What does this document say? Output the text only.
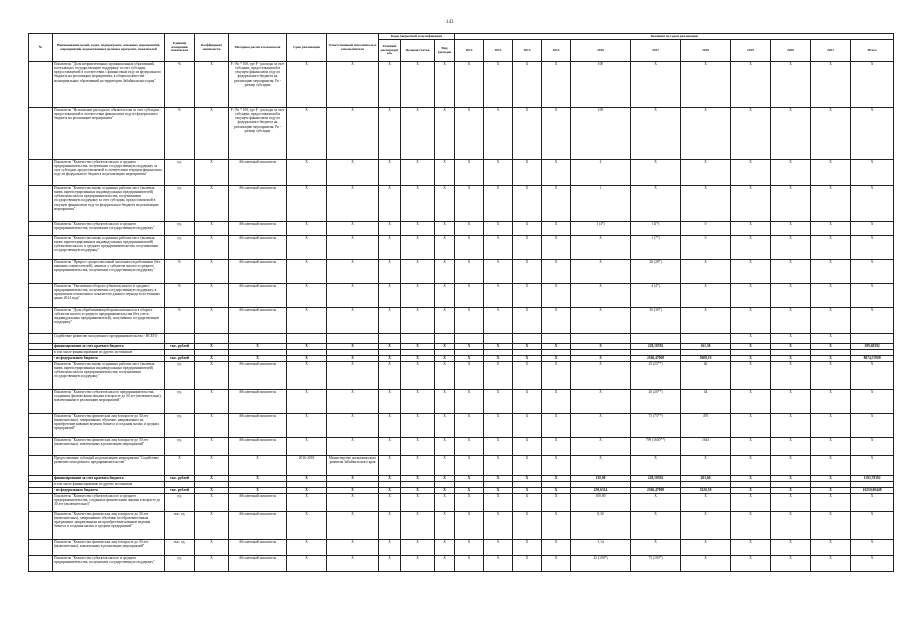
143
№	Наименование целей, задач, подпрограмм, основных мероприятий, мероприятий, ведомственных целевых программ, показателей	Единица измерения показателя	Коэффициент значимости	Методика расчета показателя	Срок реализации	Ответственный исполнитель и соисполнители	Коды бюджетной классификации			Значения по годам реализации										
							Главный распорядитель	Целевая статья	Вид расходов	2012	2013	2014	2015	2016	2017	2018	2019	2020	2021	Итого
	Показатель "Доля непривлеченных муниципальных образований, получающих государственную поддержку за счет субсидии, предоставляемой в соответствии с финансовым году из федерального бюджета на реализацию мероприятия, в общем количестве муниципальных образований на территории Забайкальского края"	%	Х	F / Fn * 100, где F - расходы за счет субсидии, предоставляемой в текущем финансовом году из федерального бюджета на реализацию мероприятия; Fn - размер субсидии	Х	Х	Х	Х	Х	Х	Х	Х	Х	100	Х	Х	Х	Х	Х	Х
	Показатель "Исполнение расходного обязательства за счет субсидии, предоставляемой в соответствии финансовом году из федерального бюджета на реализацию мероприятия"	%	Х	F / Fn * 100, где F - расходы за счет субсидии, предоставляемой в текущем финансовом году из федерального бюджета на реализацию мероприятия; Fn - размер субсидии	Х	Х	Х	Х	Х	Х	Х	Х	Х	100	Х	Х	Х	Х	Х	Х
	Показатель "Количество субъектов малого и среднего предпринимательства, получивших государственную поддержку за счет субсидии, предоставляемой в соответствии текущем финансовом году из федерального бюджета на реализацию мероприятия"	ед.	Х	Абсолютный показатель	Х	Х	Х	Х	Х	Х	Х	Х	Х	4	Х	Х	Х	Х	Х	Х
	Показатель "Количество вновь созданных рабочих мест (включая вновь зарегистрированных индивидуальных предпринимателей) субъектами малого предпринимательства, получившими государственную поддержку за счет субсидии, предоставляемой в текущем финансовом году из федерального бюджета на реализацию мероприятия"	ед.	Х	Абсолютный показатель	Х	Х	Х	Х	Х	Х	Х	Х	Х	1	Х	Х	Х	Х	Х	Х
	Показатель "Количество субъектов малого и среднего предпринимательства, получивших государственную поддержку"	ед.	Х	Абсолютный показатель	Х	Х	Х	Х	Х	Х	Х	Х	Х	1 (4*)	11(*)	0	Х	Х	Х	Х
	Показатель "Количество вновь созданных рабочих мест (включая вновь зарегистрированных индивидуальных предпринимателей) субъектами малого и среднего предпринимательства, получившими государственную поддержку"	ед.	Х	Абсолютный показатель	Х	Х	Х	Х	Х	Х	Х	Х	Х	Х	1 (7*)	0	Х	Х	Х	Х
	Показатель "Прирост среднесписочной численности работников (без внешних совместителей), занятых у субъектов малого и среднего предпринимательства, получивших государственную поддержку"	%	Х	Абсолютный показатель	Х	Х	Х	Х	Х	Х	Х	Х	Х	Х	28 (28*)	Х	Х	Х	Х	Х
	Показатель "Увеличение оборота субъектов малого и среднего предпринимательства, получивших государственную поддержку, в процентном отношении к показателю данного периода в постоянных ценах 2014 года"	%	Х	Абсолютный показатель	Х	Х	Х	Х	Х	Х	Х	Х	Х	Х	4 (4*)	Х	Х	Х	Х	Х
	Показатель "Доля обрабатывающей промышленности в обороте субъектов малого и среднего предпринимательства (без учета индивидуальных предпринимателей), получивших государственную поддержку"	%	Х	Абсолютный показатель	Х	Х	Х	Х	Х	Х	Х	Х	Х	Х	30 (30*)	Х	Х	Х	Х	Х
	Содействие развитию молодежного предпринимательства - ВСЕГО																Х	Х	Х	
	финансирование за счет краевого бюджета	тыс. рублей	Х	Х	Х	Х	Х	Х	Х	Х	Х	Х	Х	Х	228,18392	161,50	Х	Х	Х	389,68392
	в том числе финансирование из других источников																			
	- из федерального бюджета	тыс. рублей	Х	Х	Х	Х	Х	Х	Х	Х	Х	Х	Х	Х	2366,47008	5608,10	Х	Х	Х	8074,57008
	Показатель "Количество вновь созданных рабочих мест (включая вновь зарегистрированных индивидуальных предпринимателей) субъектами малого предпринимательства, получившими государственную поддержку"	ед.	Х	Абсолютный показатель	Х	Х	Х	Х	Х	Х	Х	Х	Х	Х	25 (25**)	46	Х	Х	Х	Х
	Показатель "Количество субъектов малого предпринимательства, созданных физическими лицами в возрасте до 30 лет (включительно), вовлеченными в реализацию мероприятий"	ед.	Х	Абсолютный показатель	Х	Х	Х	Х	Х	Х	Х	Х	Х	Х	20 (20**)	44	Х	Х	Х	Х
	Показатель "Количество физических лиц в возрасте до 30 лет (включительно), завершивших обучение, направленное на приобретение навыков ведения бизнеса и создания малых и средних предприятий"	ед.	Х	Абсолютный показатель	Х	Х	Х	Х	Х	Х	Х	Х	Х	Х	75 (75**)	470	Х	Х	Х	Х
	Показатель "Количество физических лиц в возрасте до 30 лет (включительно), вовлеченных в реализацию мероприятий"	ед.	Х	Абсолютный показатель	Х	Х	Х	Х	Х	Х	Х	Х	Х	Х	799 (1650**)	1643	Х	Х	Х	Х
	Предоставление субсидий на реализацию мероприятия "Содействие развитию молодежного предпринимательства"	Х	Х	Х	2016-2018	Министерство экономического развития Забайкальского края	Х	Х	Х	Х	Х	Х	Х	Х	Х	Х	Х	Х	Х	Х
	финансирование за счет краевого бюджета	тыс. рублей	Х	Х	Х	Х	Х	Х	Х	Х	Х	Х	Х	150,00	228,18392	203,60	Х	Х	Х	1193,78392
	в том числе финансирование из других источников																			
	- из федерального бюджета	тыс. рублей	Х	Х	Х	Х	Х	Х	Х	Х	Х	Х	Х	250,6314	2366,47008	5220,50	Х	Х	Х	10250,00448
	Показатель "Количество субъектов малого и среднего предпринимательства, созданных физическими лицами в возрасте до 30 лет (включительно)"	ед.	Х	Абсолютный показатель	Х	Х	Х	Х	Х	Х	Х	Х	Х	100,00	Х	Х	Х	Х	Х	Х
	Показатель "Количество физических лиц в возрасте до 30 лет (включительно), завершивших обучение по образовательным программам, направленным на приобретение навыков ведения бизнеса и создания малых и средних предприятий"	тыс. ед.	Х	Абсолютный показатель	Х	Х	Х	Х	Х	Х	Х	Х	Х	0,30	Х	Х	Х	Х	Х	Х
	Показатель "Количество физических лиц в возрасте до 30 лет (включительно), вовлеченных в реализацию мероприятий"	тыс. ед.	Х	Абсолютный показатель	Х	Х	Х	Х	Х	Х	Х	Х	Х	1,14	Х	Х	Х	Х	Х	Х
	Показатель "Количество субъектов малого и среднего предпринимательства, получивших государственную поддержку"	ед.	Х	Абсолютный показатель	Х	Х	Х	Х	Х	Х	Х	Х	Х	22 (100*)	75 (100*)	Х	Х	Х	Х	Х
